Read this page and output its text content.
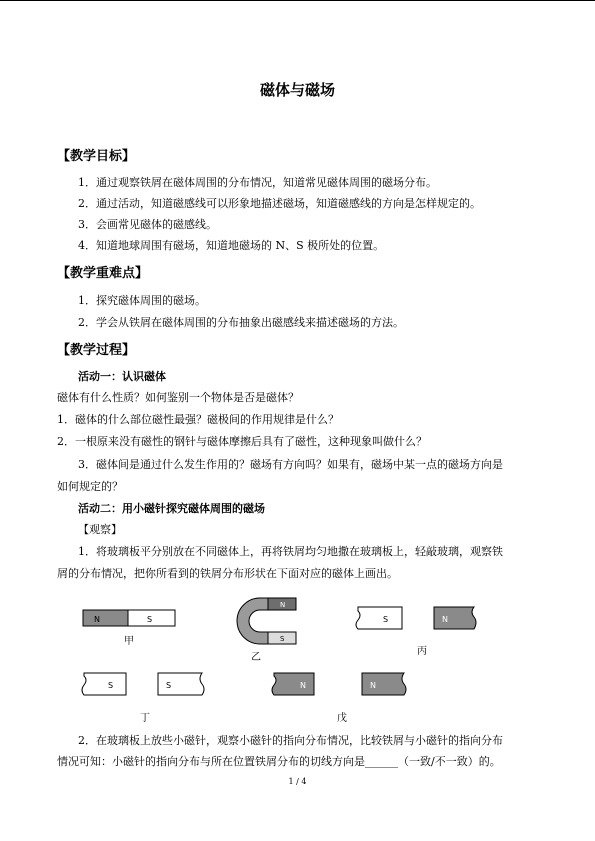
磁体与磁场
【教学目标】
1．通过观察铁屑在磁体周围的分布情况，知道常见磁体周围的磁场分布。
2．通过活动，知道磁感线可以形象地描述磁场，知道磁感线的方向是怎样规定的。
3．会画常见磁体的磁感线。
4．知道地球周围有磁场，知道地磁场的 N、S 极所处的位置。
【教学重难点】
1．探究磁体周围的磁场。
2．学会从铁屑在磁体周围的分布抽象出磁感线来描述磁场的方法。
【教学过程】
活动一：认识磁体
磁体有什么性质？如何鉴别一个物体是否是磁体？
1．磁体的什么部位磁性最强？磁极间的作用规律是什么？
2．一根原来没有磁性的钢针与磁体摩擦后具有了磁性，这种现象叫做什么？
3．磁体间是通过什么发生作用的？磁场有方向吗？如果有，磁场中某一点的磁场方向是
如何规定的？
活动二：用小磁针探究磁体周围的磁场
【观察】
1．将玻璃板平分别放在不同磁体上，再将铁屑均匀地撒在玻璃板上，轻敲玻璃，观察铁
屑的分布情况，把你所看到的铁屑分布形状在下面对应的磁体上画出。
N	S
N
S
S	N
S	S	N	N
甲
乙
丙
丁	戊
2．在玻璃板上放些小磁针，观察小磁针的指向分布情况，比较铁屑与小磁针的指向分布
情况可知：小磁针的指向分布与所在位置铁屑分布的切线方向是______（一致/不一致）的。
1 / 4
